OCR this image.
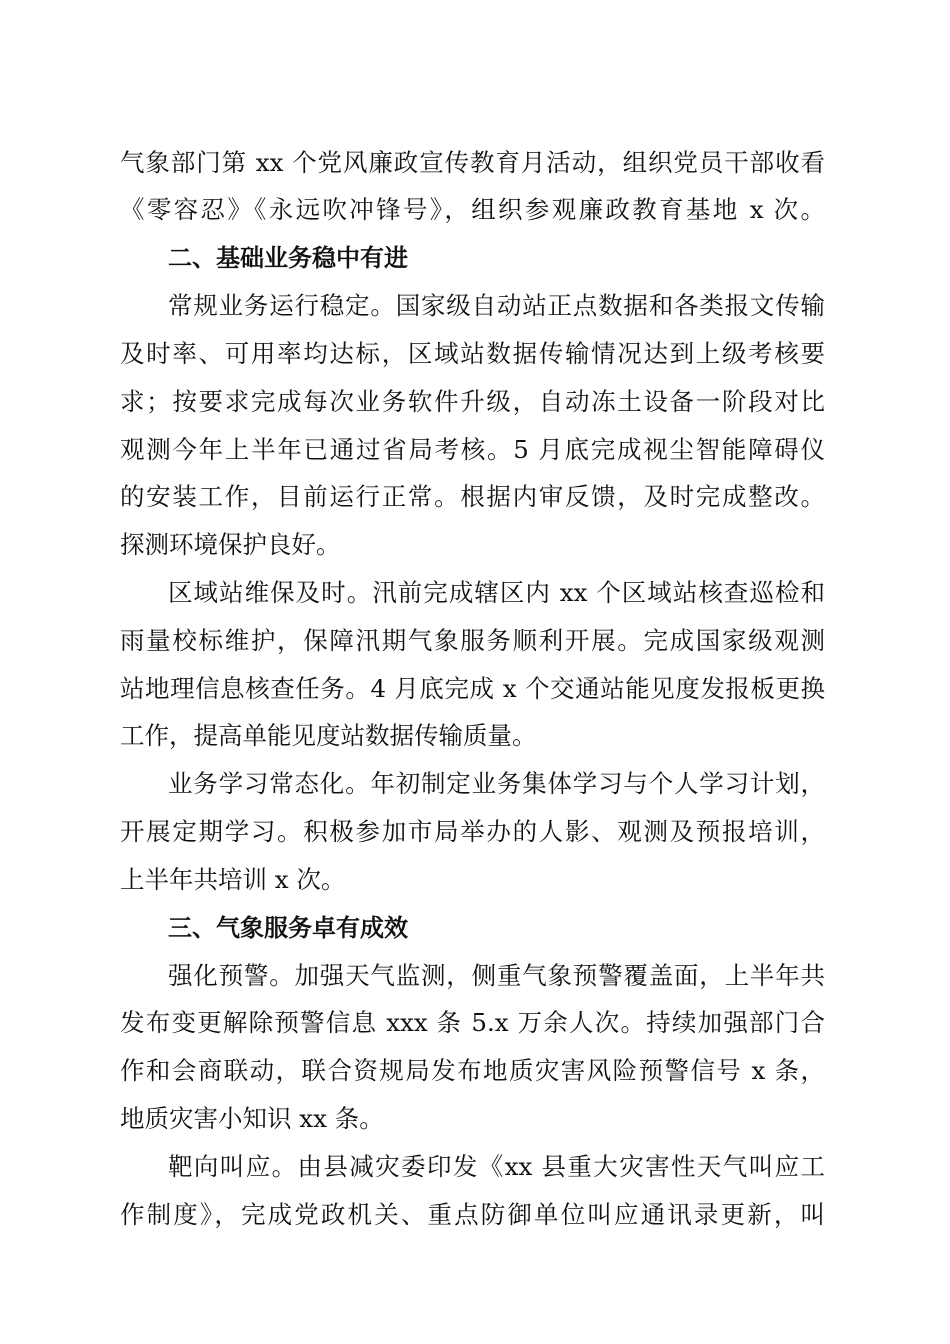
气象部门第 xx 个党风廉政宣传教育月活动，组织党员干部收看
《零容忍》《永远吹冲锋号》，组织参观廉政教育基地 x 次。
二、基础业务稳中有进
常规业务运行稳定。国家级自动站正点数据和各类报文传输
及时率、可用率均达标，区域站数据传输情况达到上级考核要
求；按要求完成每次业务软件升级，自动冻土设备一阶段对比
观测今年上半年已通过省局考核。5 月底完成视尘智能障碍仪
的安装工作，目前运行正常。根据内审反馈，及时完成整改。
探测环境保护良好。
区域站维保及时。汛前完成辖区内 xx 个区域站核查巡检和
雨量校标维护，保障汛期气象服务顺利开展。完成国家级观测
站地理信息核查任务。4 月底完成 x 个交通站能见度发报板更换
工作，提高单能见度站数据传输质量。
业务学习常态化。年初制定业务集体学习与个人学习计划，
开展定期学习。积极参加市局举办的人影、观测及预报培训，
上半年共培训 x 次。
三、气象服务卓有成效
强化预警。加强天气监测，侧重气象预警覆盖面，上半年共
发布变更解除预警信息 xxx 条 5.x 万余人次。持续加强部门合
作和会商联动，联合资规局发布地质灾害风险预警信号 x 条，
地质灾害小知识 xx 条。
靶向叫应。由县减灾委印发《xx 县重大灾害性天气叫应工
作制度》，完成党政机关、重点防御单位叫应通讯录更新，叫
